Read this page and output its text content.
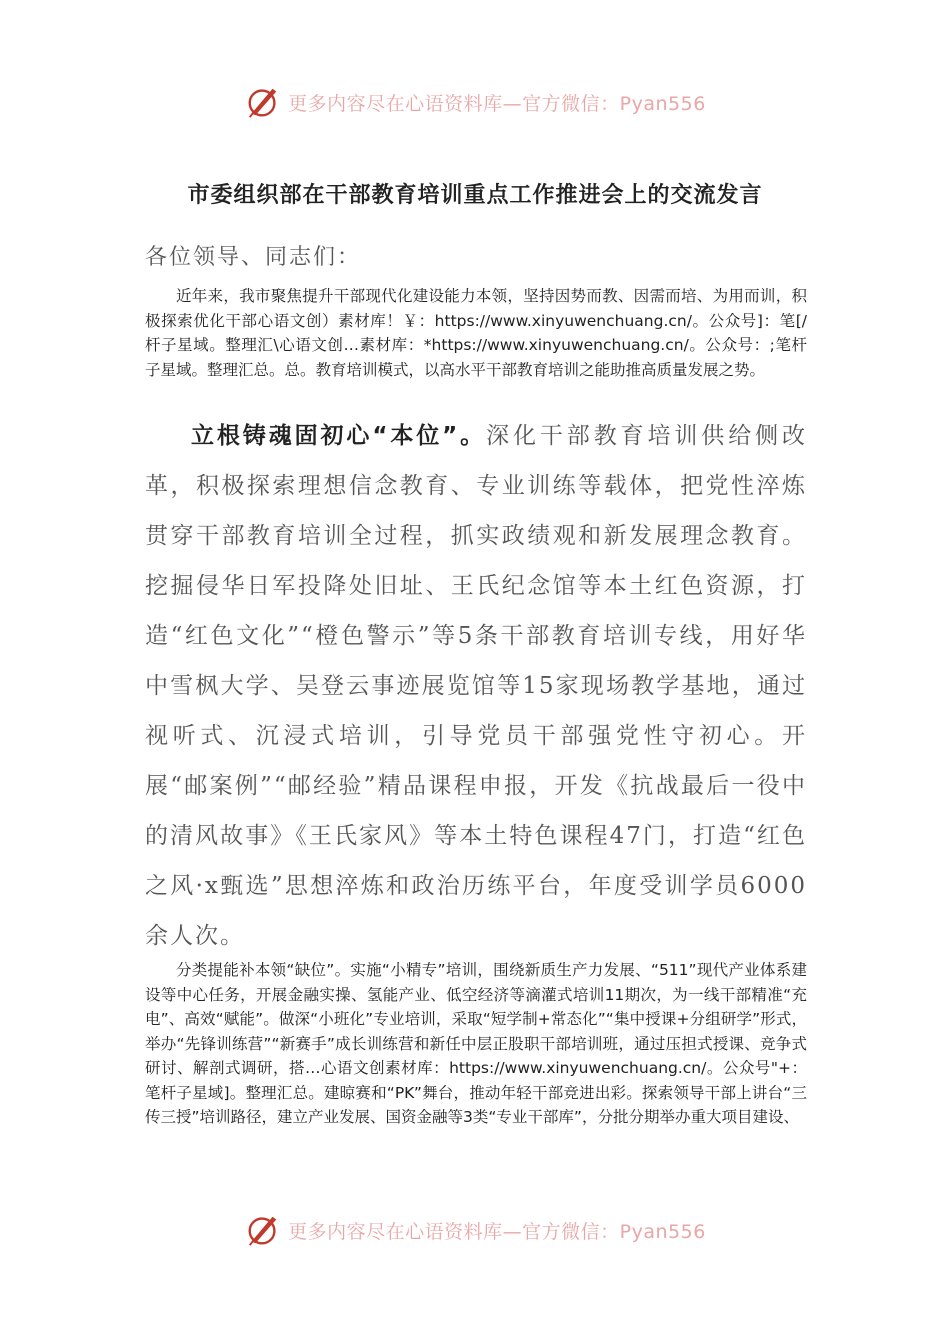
更多内容尽在心语资料库—官方微信：Pyan556
市委组织部在干部教育培训重点工作推进会上的交流发言
各位领导、同志们：

近年来，我市聚焦提升干部现代化建设能力本领，坚持因势而教、因需而培、为用而训，积极探索优化干部心语文创）素材库！￥：https://www.xinyuwenchuang.cn/。公众号]：笔[/杆子星域。整理汇\心语文创…素材库：*https://www.xinyuwenchuang.cn/。公众号：;笔杆子星域。整理汇总。总。教育培训模式，以高水平干部教育培训之能助推高质量发展之势。

立根铸魂固初心“本位”。深化干部教育培训供给侧改革，积极探索理想信念教育、专业训练等载体，把党性淬炼贯穿干部教育培训全过程，抓实政绩观和新发展理念教育。挖掘侵华日军投降处旧址、王氏纪念馆等本土红色资源，打造“红色文化”“橙色警示”等5条干部教育培训专线，用好华中雪枫大学、吴登云事迹展览馆等15家现场教学基地，通过视听式、沉浸式培训，引导党员干部强党性守初心。开展“邮案例”“邮经验”精品课程申报，开发《抗战最后一役中的清风故事》《王氏家风》等本土特色课程47门，打造“红色之风·x甄选”思想淬炼和政治历练平台，年度受训学员6000余人次。

分类提能补本领“缺位”。实施“小精专”培训，围绕新质生产力发展、“511”现代产业体系建设等中心任务，开展金融实操、氢能产业、低空经济等滴灌式培训11期次，为一线干部精准“充电”、高效“赋能”。做深“小班化”专业培训，采取“短学制+常态化”“集中授课+分组研学”形式，举办“先锋训练营”“新赛手”成长训练营和新任中层正股职干部培训班，通过压担式授课、竞争式研讨、解剖式调研，搭…心语文创素材库：https://www.xinyuwenchuang.cn/。公众号"+：笔杆子星域]。整理汇总。建晾赛和“PK”舞台，推动年轻干部竞进出彩。探索领导干部上讲台“三传三授”培训路径，建立产业发展、国资金融等3类“专业干部库”，分批分期举办重大项目建设、

更多内容尽在心语资料库—官方微信：Pyan556
